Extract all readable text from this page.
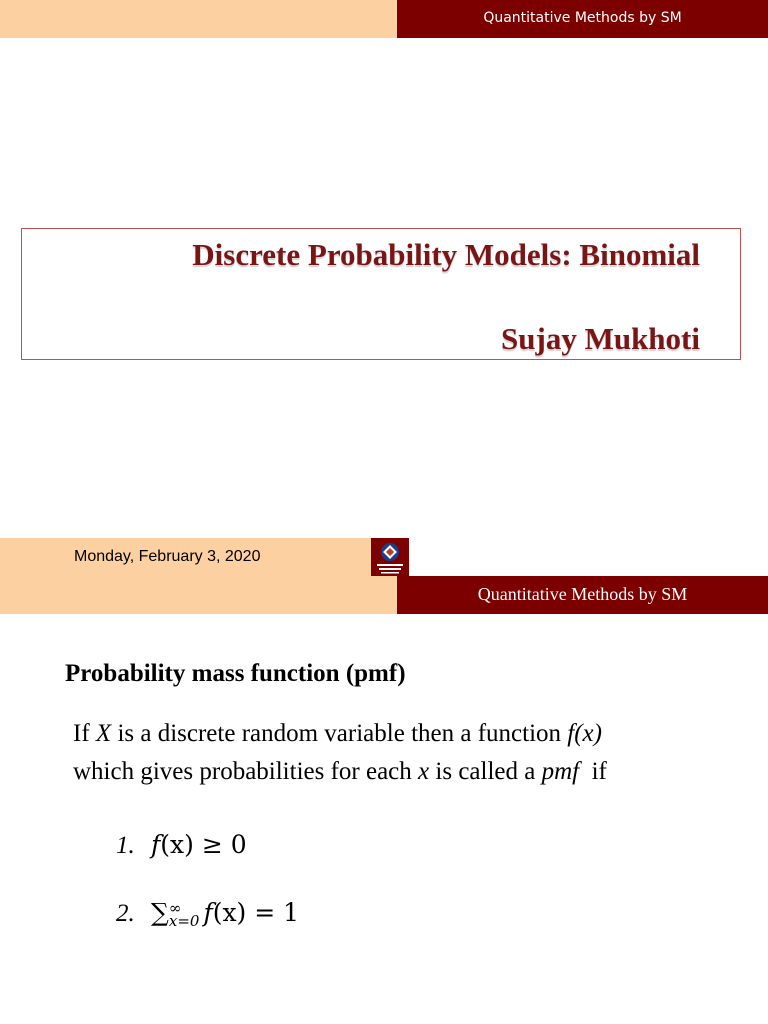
Quantitative Methods by SM
Discrete Probability Models: Binomial
Sujay Mukhoti
Monday, February 3, 2020
Quantitative Methods by SM
Probability mass function (pmf)
If X is a discrete random variable then a function f(x)
which gives probabilities for each x is called a pmf  if
1. f(x) ≥ 0
2. ∑ ∞
x=0 f(x) = 1
